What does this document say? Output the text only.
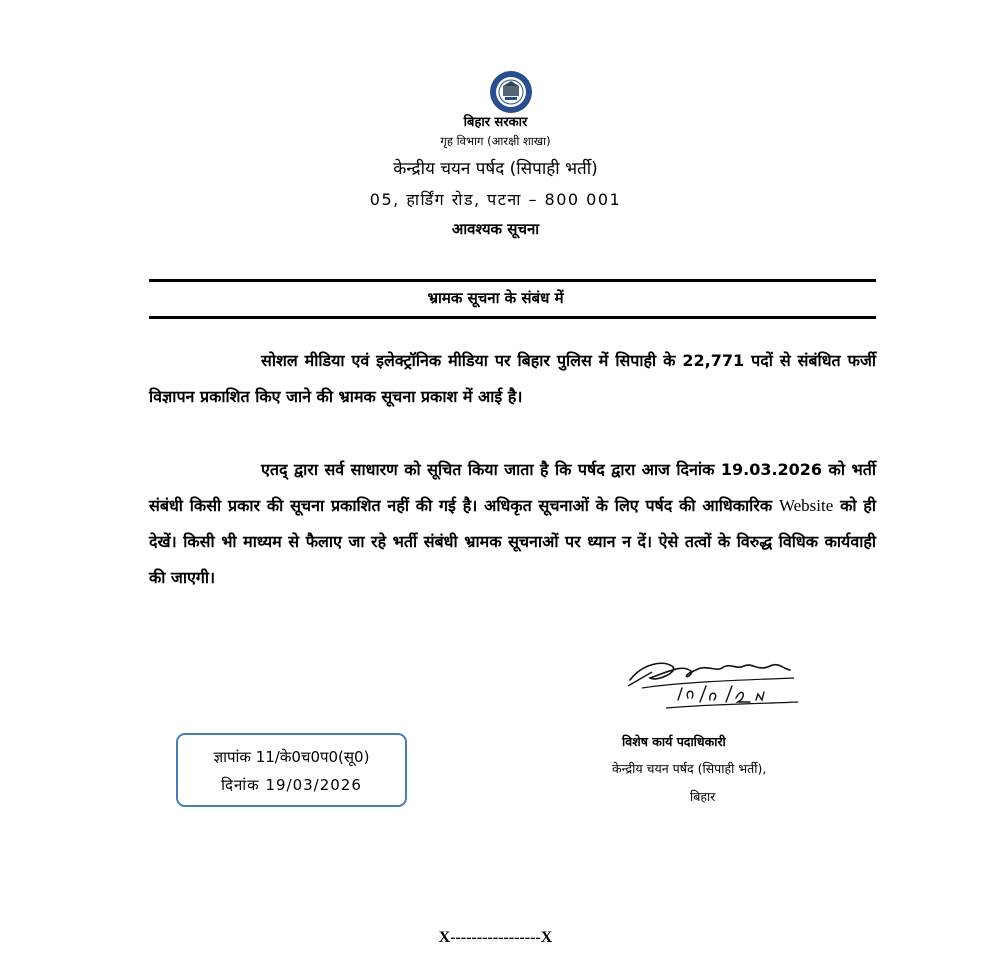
बिहार सरकार
गृह विभाग (आरक्षी शाखा)
केन्द्रीय चयन पर्षद (सिपाही भर्ती)
05, हार्डिंग रोड, पटना – 800 001
आवश्यक सूचना
भ्रामक सूचना के संबंध में

सोशल मीडिया एवं इलेक्ट्रॉनिक मीडिया पर बिहार पुलिस में सिपाही के 22,771 पदों से संबंधित फर्जी विज्ञापन प्रकाशित किए जाने की भ्रामक सूचना प्रकाश में आई है।

एतद् द्वारा सर्व साधारण को सूचित किया जाता है कि पर्षद द्वारा आज दिनांक 19.03.2026 को भर्ती संबंधी किसी प्रकार की सूचना प्रकाशित नहीं की गई है। अधिकृत सूचनाओं के लिए पर्षद की आधिकारिक Website को ही देखें। किसी भी माध्यम से फैलाए जा रहे भर्ती संबंधी भ्रामक सूचनाओं पर ध्यान न दें। ऐसे तत्वों के विरुद्ध विधिक कार्यवाही की जाएगी।

विशेष कार्य पदाधिकारी
केन्द्रीय चयन पर्षद (सिपाही भर्ती),
बिहार
ज्ञापांक 11/के0च0प0(सू0)
दिनांक 19/03/2026
X-----------------X
